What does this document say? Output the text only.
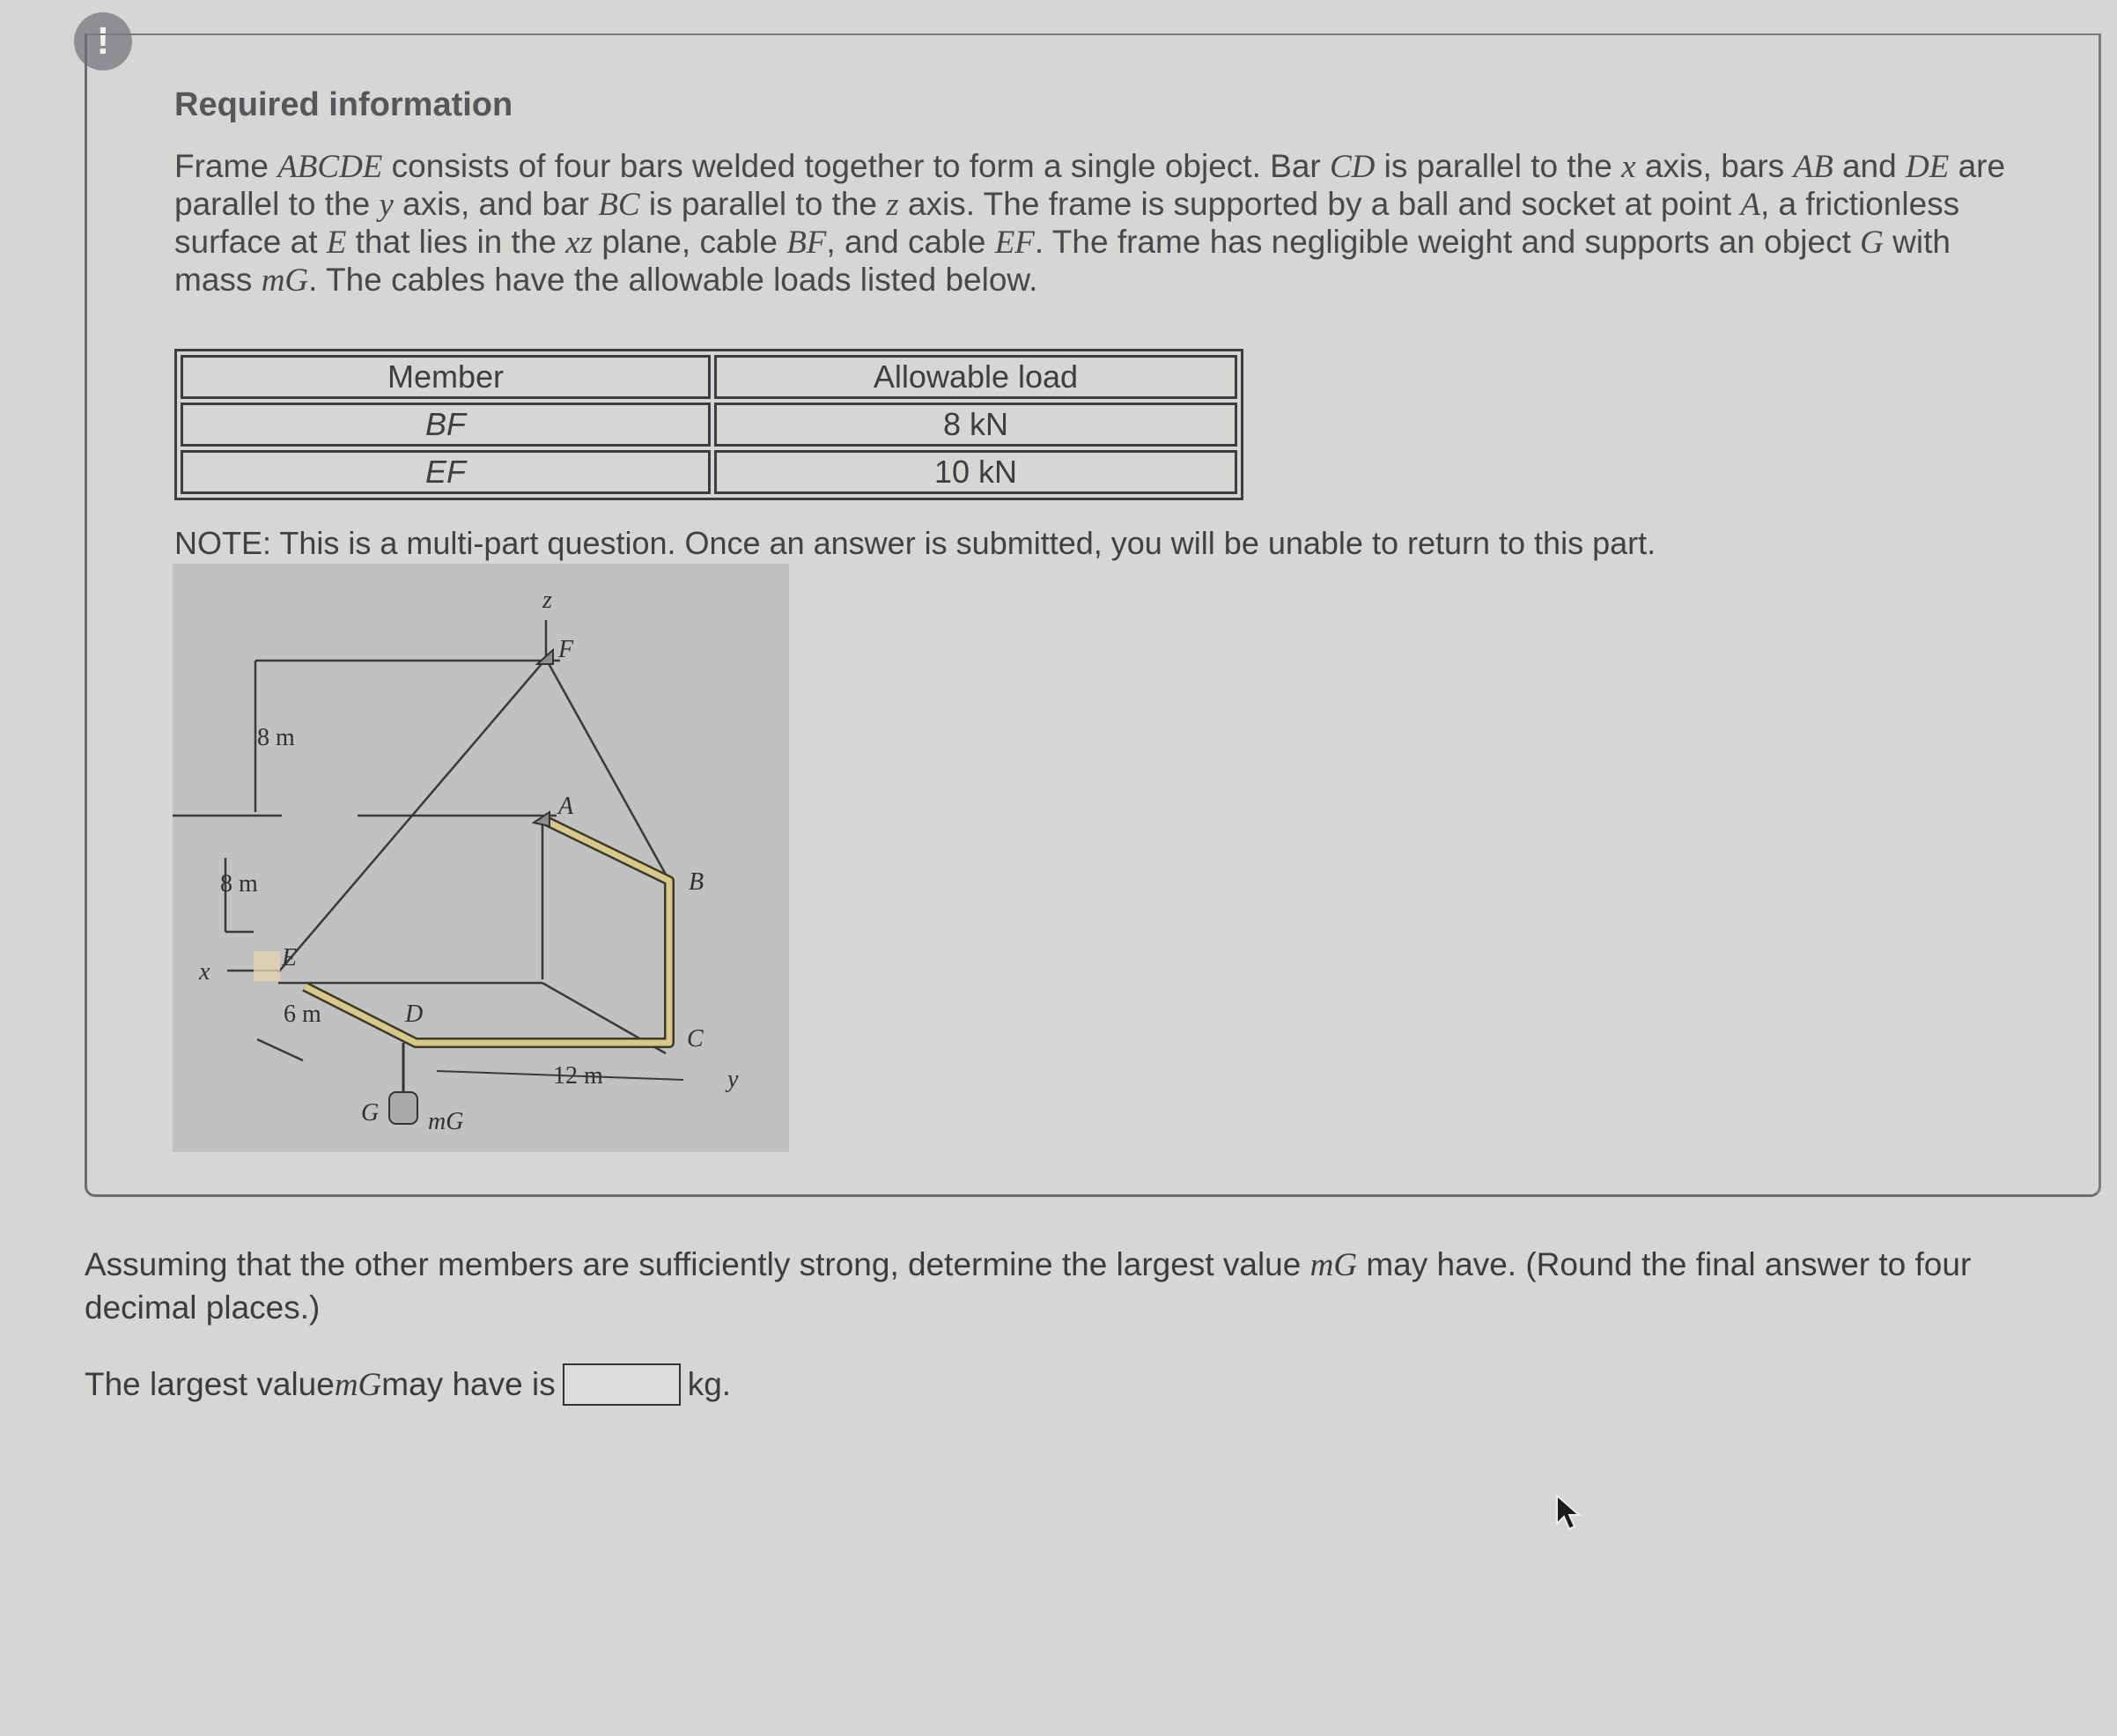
!
Required information
Frame ABCDE consists of four bars welded together to form a single object. Bar CD is parallel to the x axis, bars AB and DE are parallel to the y axis, and bar BC is parallel to the z axis. The frame is supported by a ball and socket at point A, a frictionless surface at E that lies in the xz plane, cable BF, and cable EF. The frame has negligible weight and supports an object G with mass mG. The cables have the allowable loads listed below.
Member	Allowable load
BF	8 kN
EF	10 kN
NOTE: This is a multi-part question. Once an answer is submitted, you will be unable to return to this part.
z
F
A
B
C
D
E
x
y
G mG
8 m
8 m
6 m
12 m
Assuming that the other members are sufficiently strong, determine the largest value mG may have. (Round the final answer to four decimal places.)
The largest value mG may have is	kg.
